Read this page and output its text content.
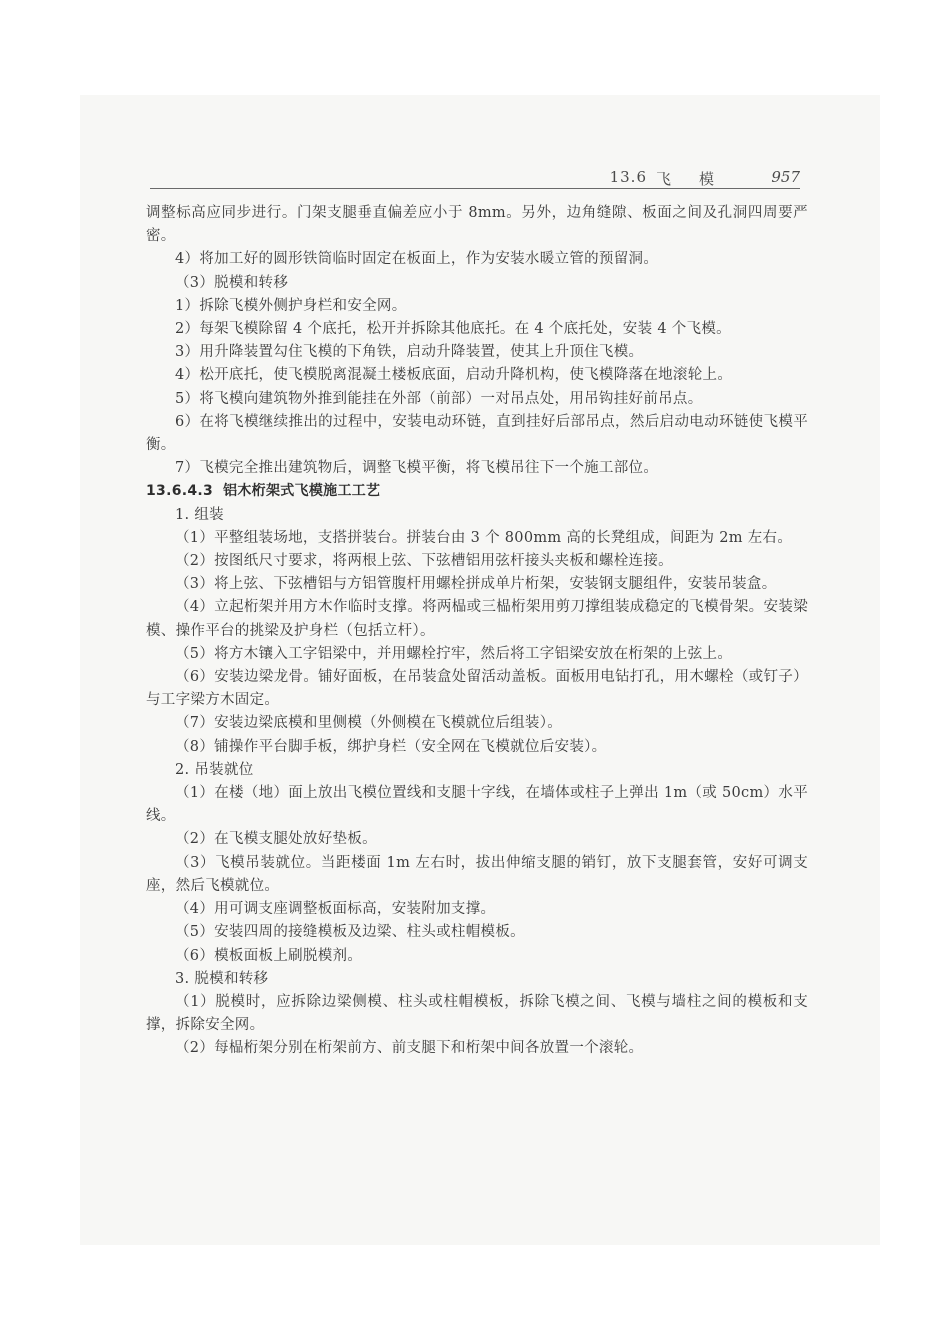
13.6 飞模 957

调整标高应同步进行。门架支腿垂直偏差应小于 8mm。另外，边角缝隙、板面之间及孔洞四周要严密。

4）将加工好的圆形铁筒临时固定在板面上，作为安装水暖立管的预留洞。

（3）脱模和转移

1）拆除飞模外侧护身栏和安全网。

2）每架飞模除留 4 个底托，松开并拆除其他底托。在 4 个底托处，安装 4 个飞模。

3）用升降装置勾住飞模的下角铁，启动升降装置，使其上升顶住飞模。

4）松开底托，使飞模脱离混凝土楼板底面，启动升降机构，使飞模降落在地滚轮上。

5）将飞模向建筑物外推到能挂在外部（前部）一对吊点处，用吊钩挂好前吊点。

6）在将飞模继续推出的过程中，安装电动环链，直到挂好后部吊点，然后启动电动环链使飞模平衡。

7）飞模完全推出建筑物后，调整飞模平衡，将飞模吊往下一个施工部位。

13.6.4.3 铝木桁架式飞模施工工艺

1. 组装

（1）平整组装场地，支搭拼装台。拼装台由 3 个 800mm 高的长凳组成，间距为 2m 左右。

（2）按图纸尺寸要求，将两根上弦、下弦槽铝用弦杆接头夹板和螺栓连接。

（3）将上弦、下弦槽铝与方铝管腹杆用螺栓拼成单片桁架，安装钢支腿组件，安装吊装盒。

（4）立起桁架并用方木作临时支撑。将两榀或三榀桁架用剪刀撑组装成稳定的飞模骨架。安装梁模、操作平台的挑梁及护身栏（包括立杆）。

（5）将方木镶入工字铝梁中，并用螺栓拧牢，然后将工字铝梁安放在桁架的上弦上。

（6）安装边梁龙骨。铺好面板，在吊装盒处留活动盖板。面板用电钻打孔，用木螺栓（或钉子）与工字梁方木固定。

（7）安装边梁底模和里侧模（外侧模在飞模就位后组装）。

（8）铺操作平台脚手板，绑护身栏（安全网在飞模就位后安装）。

2. 吊装就位

（1）在楼（地）面上放出飞模位置线和支腿十字线，在墙体或柱子上弹出 1m（或 50cm）水平线。

（2）在飞模支腿处放好垫板。

（3）飞模吊装就位。当距楼面 1m 左右时，拔出伸缩支腿的销钉，放下支腿套管，安好可调支座，然后飞模就位。

（4）用可调支座调整板面标高，安装附加支撑。

（5）安装四周的接缝模板及边梁、柱头或柱帽模板。

（6）模板面板上刷脱模剂。

3. 脱模和转移

（1）脱模时，应拆除边梁侧模、柱头或柱帽模板，拆除飞模之间、飞模与墙柱之间的模板和支撑，拆除安全网。

（2）每榀桁架分别在桁架前方、前支腿下和桁架中间各放置一个滚轮。
